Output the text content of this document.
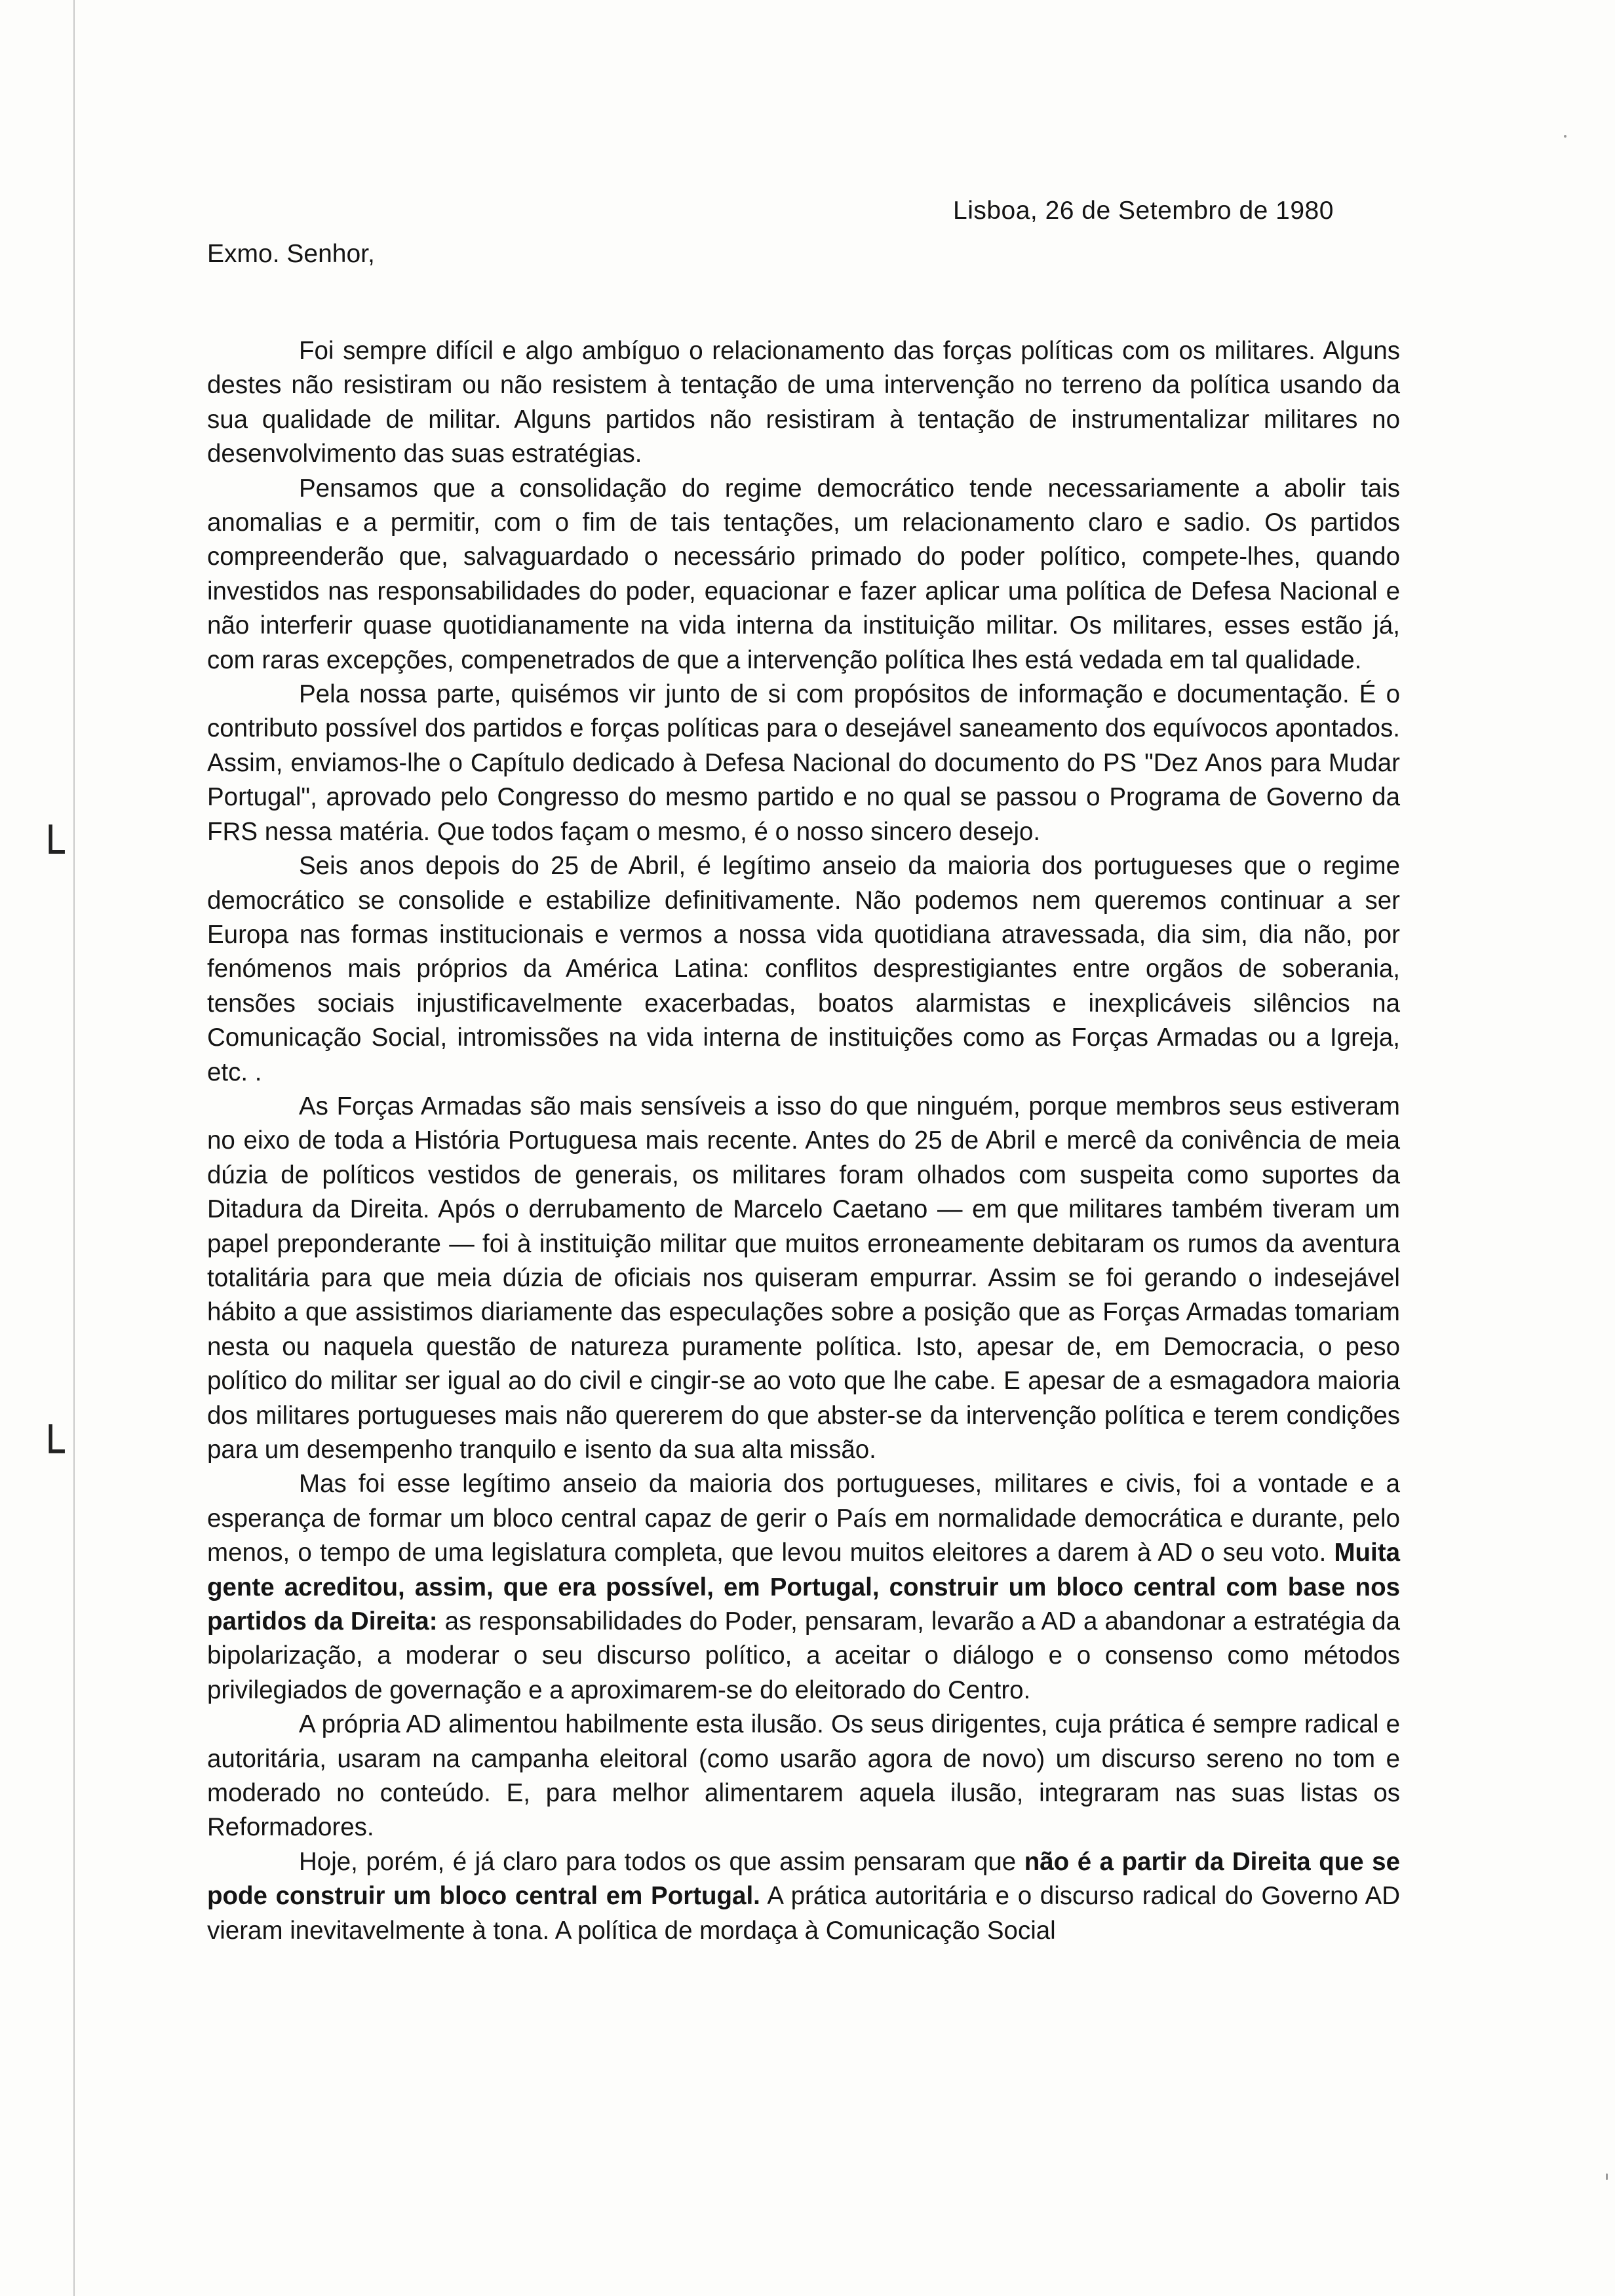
└
└
Lisboa, 26 de Setembro de 1980
Exmo. Senhor,

Foi sempre difícil e algo ambíguo o relacionamento das forças políticas com os militares. Alguns destes não resistiram ou não resistem à tentação de uma intervenção no terreno da política usando da sua qualidade de militar. Alguns partidos não resistiram à tentação de instrumentalizar militares no desenvolvimento das suas estratégias.

Pensamos que a consolidação do regime democrático tende necessariamente a abolir tais anomalias e a permitir, com o fim de tais tentações, um relacionamento claro e sadio. Os partidos compreenderão que, salvaguardado o necessário primado do poder político, compete-lhes, quando investidos nas responsabilidades do poder, equacionar e fazer aplicar uma política de Defesa Nacional e não interferir quase quotidianamente na vida interna da instituição militar. Os militares, esses estão já, com raras excepções, compenetrados de que a intervenção política lhes está vedada em tal qualidade.

Pela nossa parte, quisémos vir junto de si com propósitos de informação e documentação. É o contributo possível dos partidos e forças políticas para o desejável saneamento dos equívocos apontados. Assim, enviamos-lhe o Capítulo dedicado à Defesa Nacional do documento do PS "Dez Anos para Mudar Portugal", aprovado pelo Congresso do mesmo partido e no qual se passou o Programa de Governo da FRS nessa matéria. Que todos façam o mesmo, é o nosso sincero desejo.

Seis anos depois do 25 de Abril, é legítimo anseio da maioria dos portugueses que o regime democrático se consolide e estabilize definitivamente. Não podemos nem queremos continuar a ser Europa nas formas institucionais e vermos a nossa vida quotidiana atravessada, dia sim, dia não, por fenómenos mais próprios da América Latina: conflitos desprestigiantes entre orgãos de soberania, tensões sociais injustificavelmente exacerbadas, boatos alarmistas e inexplicáveis silêncios na Comunicação Social, intromissões na vida interna de instituições como as Forças Armadas ou a Igreja, etc. .

As Forças Armadas são mais sensíveis a isso do que ninguém, porque membros seus estiveram no eixo de toda a História Portuguesa mais recente. Antes do 25 de Abril e mercê da conivência de meia dúzia de políticos vestidos de generais, os militares foram olhados com suspeita como suportes da Ditadura da Direita. Após o derrubamento de Marcelo Caetano — em que militares também tiveram um papel preponderante — foi à instituição militar que muitos erroneamente debitaram os rumos da aventura totalitária para que meia dúzia de oficiais nos quiseram empurrar. Assim se foi gerando o indesejável hábito a que assistimos diariamente das especulações sobre a posição que as Forças Armadas tomariam nesta ou naquela questão de natureza puramente política. Isto, apesar de, em Democracia, o peso político do militar ser igual ao do civil e cingir-se ao voto que lhe cabe. E apesar de a esmagadora maioria dos militares portugueses mais não quererem do que abster-se da intervenção política e terem condições para um desempenho tranquilo e isento da sua alta missão.

Mas foi esse legítimo anseio da maioria dos portugueses, militares e civis, foi a vontade e a esperança de formar um bloco central capaz de gerir o País em normalidade democrática e durante, pelo menos, o tempo de uma legislatura completa, que levou muitos eleitores a darem à AD o seu voto. Muita gente acreditou, assim, que era possível, em Portugal, construir um bloco central com base nos partidos da Direita: as responsabilidades do Poder, pensaram, levarão a AD a abandonar a estratégia da bipolarização, a moderar o seu discurso político, a aceitar o diálogo e o consenso como métodos privilegiados de governação e a aproximarem-se do eleitorado do Centro.

A própria AD alimentou habilmente esta ilusão. Os seus dirigentes, cuja prática é sempre radical e autoritária, usaram na campanha eleitoral (como usarão agora de novo) um discurso sereno no tom e moderado no conteúdo. E, para melhor alimentarem aquela ilusão, integraram nas suas listas os Reformadores.

Hoje, porém, é já claro para todos os que assim pensaram que não é a partir da Direita que se pode construir um bloco central em Portugal. A prática autoritária e o discurso radical do Governo AD vieram inevitavelmente à tona. A política de mordaça à Comunicação Social
